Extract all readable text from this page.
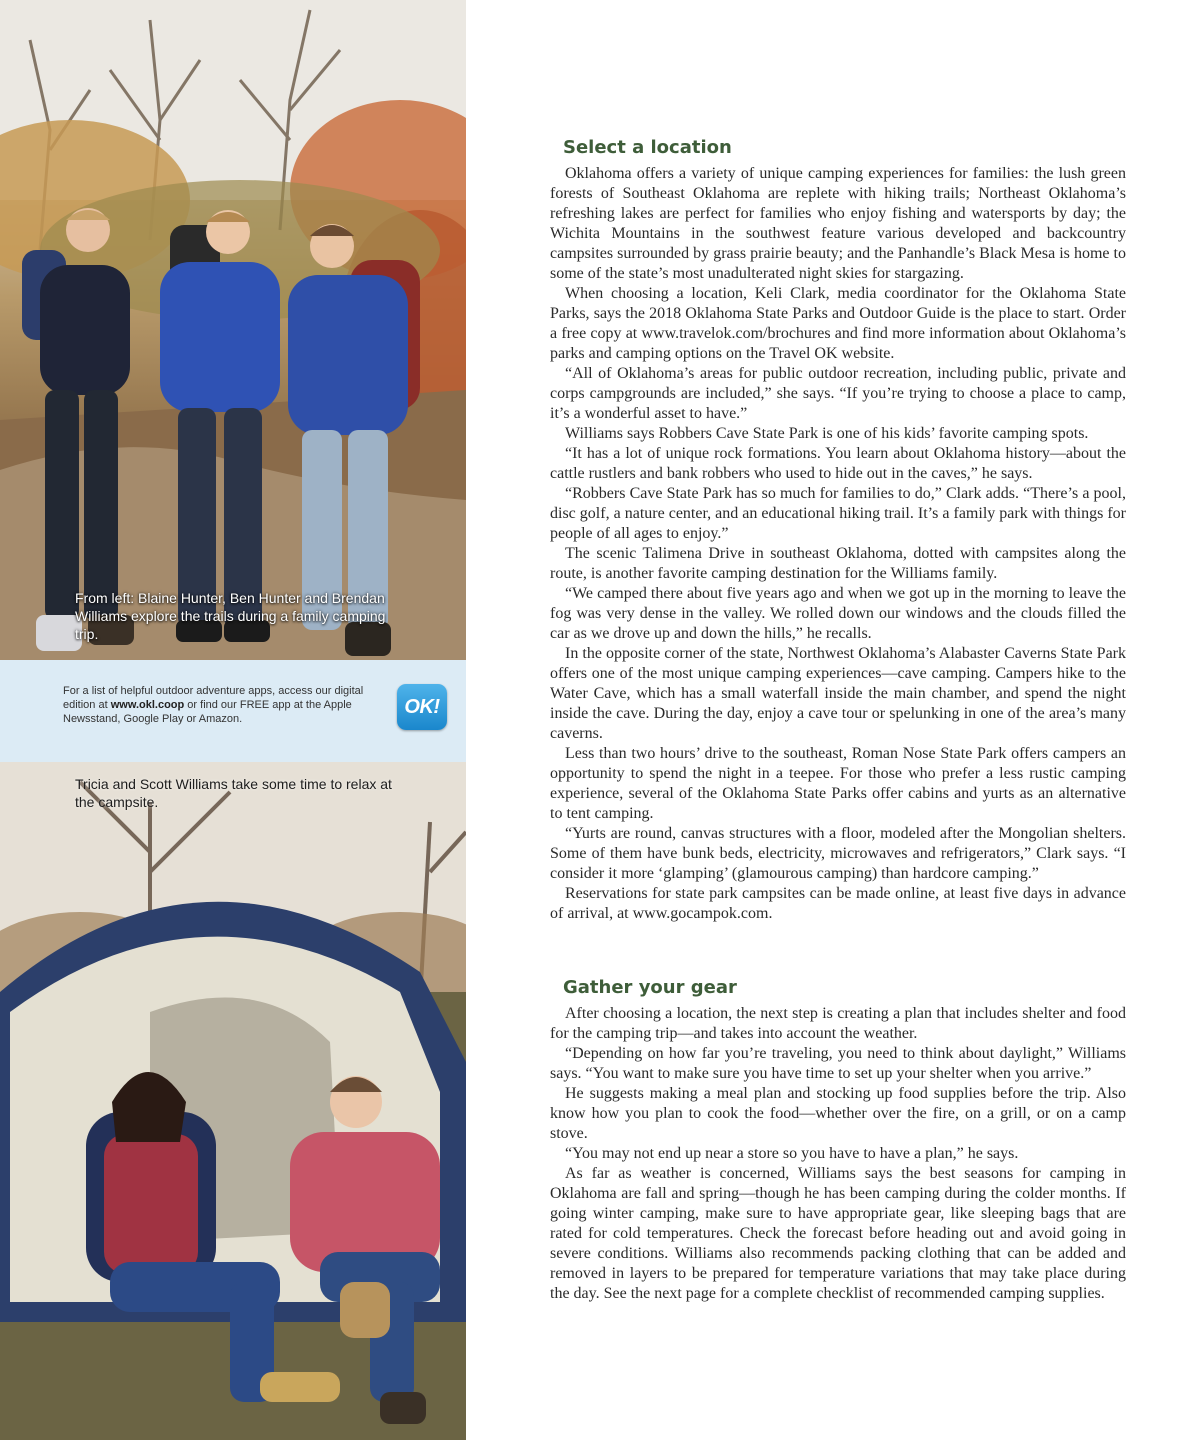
From left: Blaine Hunter, Ben Hunter and Brendan Williams explore the trails during a family camping trip.

For a list of helpful outdoor adventure apps, access our digital edition at www.okl.coop or find our FREE app at the Apple Newsstand, Google Play or Amazon.

OK!

Tricia and Scott Williams take some time to relax at the campsite.

Select a location

Oklahoma offers a variety of unique camping experiences for families: the lush green forests of Southeast Oklahoma are replete with hiking trails; Northeast Oklahoma’s refreshing lakes are perfect for families who enjoy fishing and watersports by day; the Wichita Mountains in the southwest feature various developed and backcountry campsites surrounded by grass prairie beauty; and the Panhandle’s Black Mesa is home to some of the state’s most unadulterated night skies for stargazing.

When choosing a location, Keli Clark, media coordinator for the Oklahoma State Parks, says the 2018 Oklahoma State Parks and Outdoor Guide is the place to start. Order a free copy at www.travelok.com/brochures and find more information about Oklahoma’s parks and camping options on the Travel OK website.

“All of Oklahoma’s areas for public outdoor recreation, including public, private and corps campgrounds are included,” she says. “If you’re trying to choose a place to camp, it’s a wonderful asset to have.”

Williams says Robbers Cave State Park is one of his kids’ favorite camping spots.

“It has a lot of unique rock formations. You learn about Oklahoma history—about the cattle rustlers and bank robbers who used to hide out in the caves,” he says.

“Robbers Cave State Park has so much for families to do,” Clark adds. “There’s a pool, disc golf, a nature center, and an educational hiking trail. It’s a family park with things for people of all ages to enjoy.”

The scenic Talimena Drive in southeast Oklahoma, dotted with campsites along the route, is another favorite camping destination for the Williams family.

“We camped there about five years ago and when we got up in the morning to leave the fog was very dense in the valley. We rolled down our windows and the clouds filled the car as we drove up and down the hills,” he recalls.

In the opposite corner of the state, Northwest Oklahoma’s Alabaster Caverns State Park offers one of the most unique camping experiences—cave camping. Campers hike to the Water Cave, which has a small waterfall inside the main chamber, and spend the night inside the cave. During the day, enjoy a cave tour or spelunking in one of the area’s many caverns.

Less than two hours’ drive to the southeast, Roman Nose State Park offers campers an opportunity to spend the night in a teepee. For those who prefer a less rustic camping experience, several of the Oklahoma State Parks offer cabins and yurts as an alternative to tent camping.

“Yurts are round, canvas structures with a floor, modeled after the Mongolian shelters. Some of them have bunk beds, electricity, microwaves and refrigerators,” Clark says. “I consider it more ‘glamping’ (glamourous camping) than hardcore camping.”

Reservations for state park campsites can be made online, at least five days in advance of arrival, at www.gocampok.com.

Gather your gear

After choosing a location, the next step is creating a plan that includes shelter and food for the camping trip—and takes into account the weather.

“Depending on how far you’re traveling, you need to think about daylight,” Williams says. “You want to make sure you have time to set up your shelter when you arrive.”

He suggests making a meal plan and stocking up food supplies before the trip. Also know how you plan to cook the food—whether over the fire, on a grill, or on a camp stove.

“You may not end up near a store so you have to have a plan,” he says.

As far as weather is concerned, Williams says the best seasons for camping in Oklahoma are fall and spring—though he has been camping during the colder months. If going winter camping, make sure to have appropriate gear, like sleeping bags that are rated for cold temperatures. Check the forecast before heading out and avoid going in severe conditions. Williams also recommends packing clothing that can be added and removed in layers to be prepared for temperature variations that may take place during the day. See the next page for a complete checklist of recommended camping supplies.
